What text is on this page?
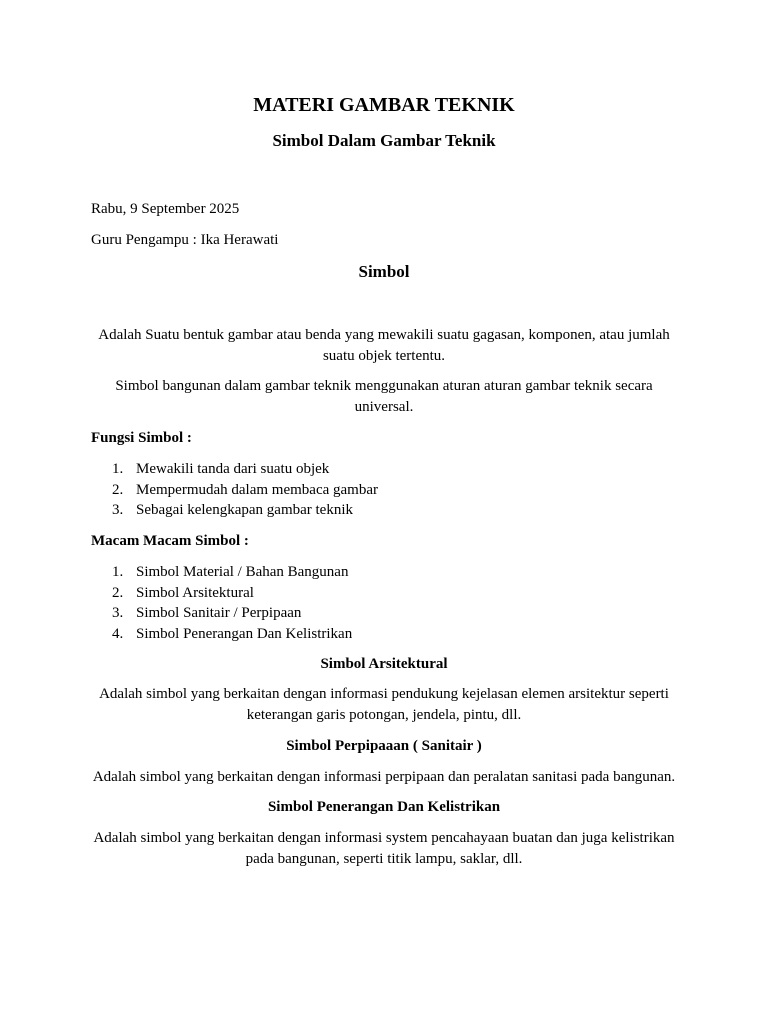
MATERI GAMBAR TEKNIK
Simbol Dalam Gambar Teknik

Rabu, 9 September 2025

Guru Pengampu : Ika Herawati

Simbol

Adalah Suatu bentuk gambar atau benda yang mewakili suatu gagasan, komponen, atau jumlah suatu objek tertentu.

Simbol bangunan dalam gambar teknik menggunakan aturan aturan gambar teknik secara universal.

Fungsi Simbol :

1. Mewakili tanda dari suatu objek
2. Mempermudah dalam membaca gambar
3. Sebagai kelengkapan gambar teknik

Macam Macam Simbol :

1. Simbol Material / Bahan Bangunan
2. Simbol Arsitektural
3. Simbol Sanitair / Perpipaan
4. Simbol Penerangan Dan Kelistrikan

Simbol Arsitektural

Adalah simbol yang berkaitan dengan informasi pendukung kejelasan elemen arsitektur seperti keterangan garis potongan, jendela, pintu, dll.

Simbol Perpipaaan ( Sanitair )

Adalah simbol yang berkaitan dengan informasi perpipaan dan peralatan sanitasi pada bangunan.

Simbol Penerangan Dan Kelistrikan

Adalah simbol yang berkaitan dengan informasi system pencahayaan buatan dan juga kelistrikan pada bangunan, seperti titik lampu, saklar, dll.
